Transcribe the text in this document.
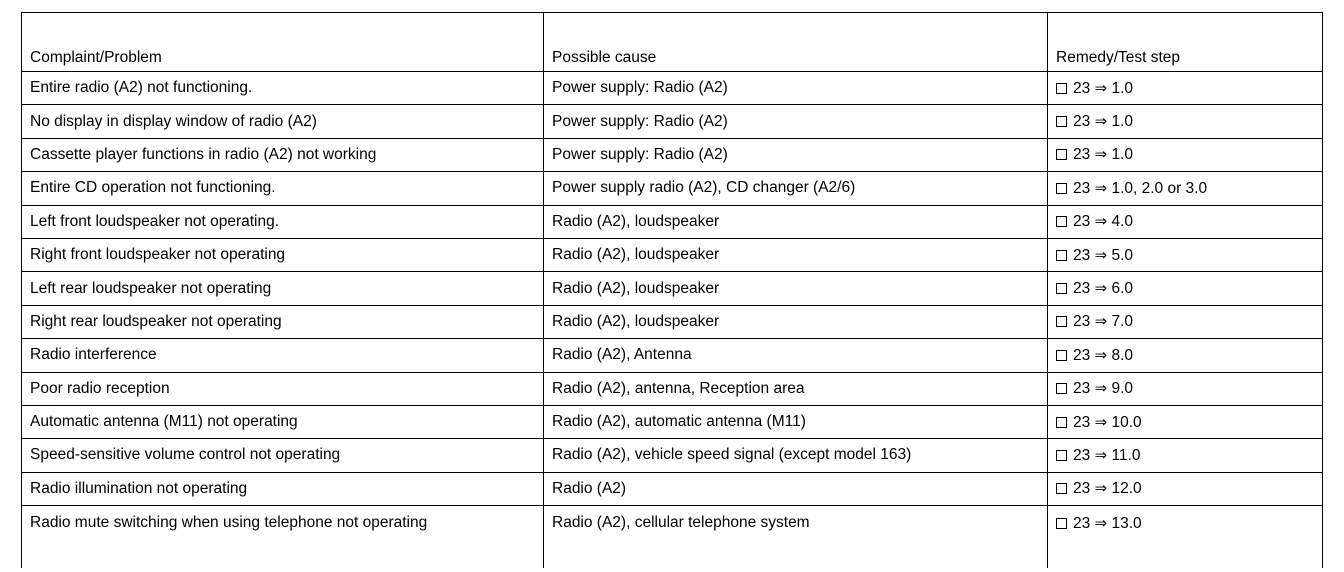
Complaint/Problem	Possible cause	Remedy/Test step
Entire radio (A2) not functioning.	Power supply: Radio (A2)	23 ⇒ 1.0
No display in display window of radio (A2)	Power supply: Radio (A2)	23 ⇒ 1.0
Cassette player functions in radio (A2) not working	Power supply: Radio (A2)	23 ⇒ 1.0
Entire CD operation not functioning.	Power supply radio (A2), CD changer (A2/6)	23 ⇒ 1.0, 2.0 or 3.0
Left front loudspeaker not operating.	Radio (A2), loudspeaker	23 ⇒ 4.0
Right front loudspeaker not operating	Radio (A2), loudspeaker	23 ⇒ 5.0
Left rear loudspeaker not operating	Radio (A2), loudspeaker	23 ⇒ 6.0
Right rear loudspeaker not operating	Radio (A2), loudspeaker	23 ⇒ 7.0
Radio interference	Radio (A2), Antenna	23 ⇒ 8.0
Poor radio reception	Radio (A2), antenna, Reception area	23 ⇒ 9.0
Automatic antenna (M11) not operating	Radio (A2), automatic antenna (M11)	23 ⇒ 10.0
Speed-sensitive volume control not operating	Radio (A2), vehicle speed signal (except model 163)	23 ⇒ 11.0
Radio illumination not operating	Radio (A2)	23 ⇒ 12.0
Radio mute switching when using telephone not operating	Radio (A2), cellular telephone system	23 ⇒ 13.0
